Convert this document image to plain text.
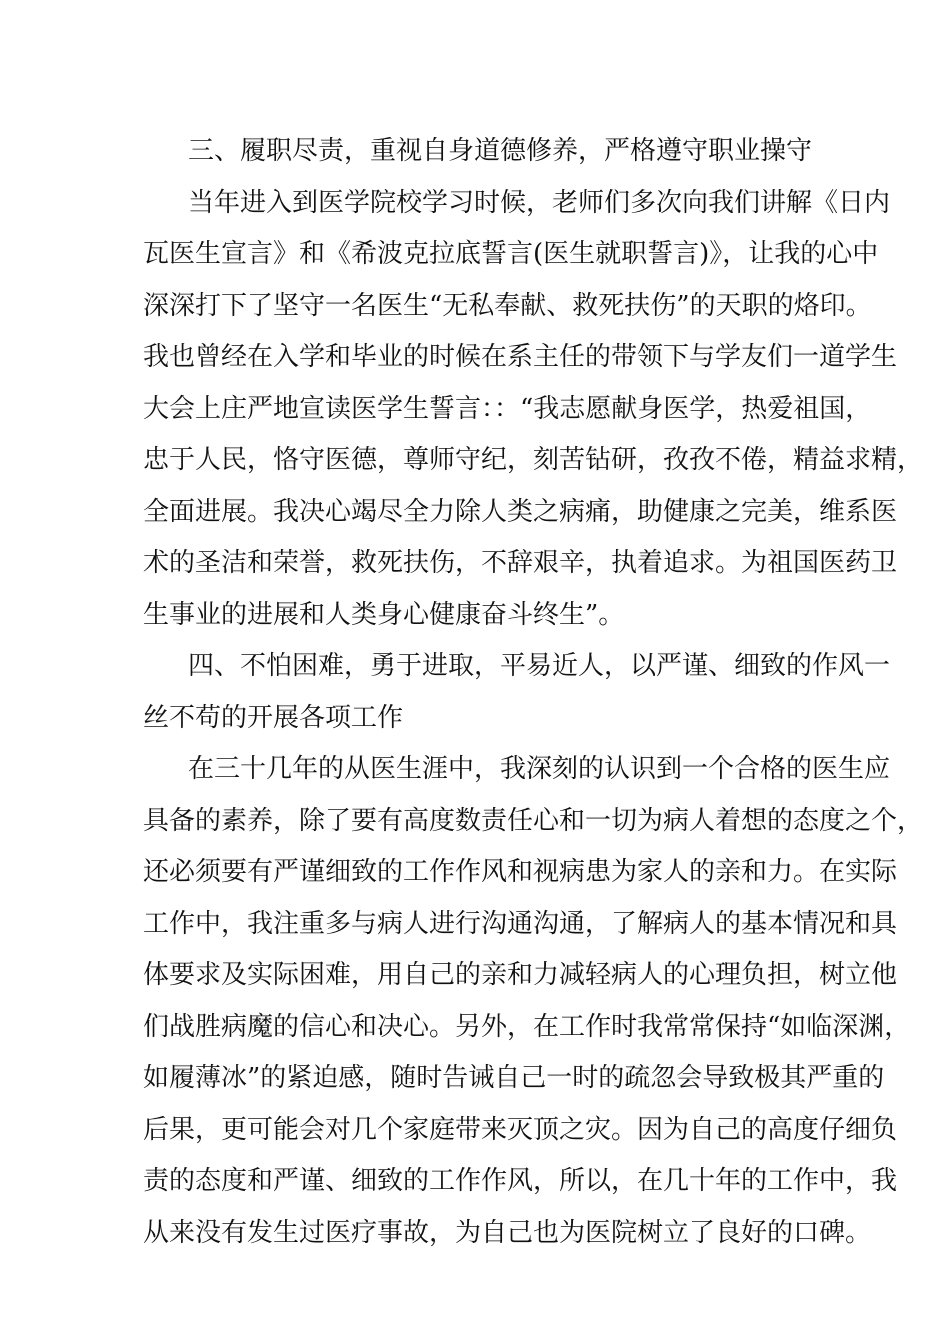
三、履职尽责，重视自身道德修养，严格遵守职业操守
当年进入到医学院校学习时候，老师们多次向我们讲解《日内
瓦医生宣言》和《希波克拉底誓言(医生就职誓言)》，让我的心中
深深打下了坚守一名医生“无私奉献、救死扶伤”的天职的烙印。
我也曾经在入学和毕业的时候在系主任的带领下与学友们一道学生
大会上庄严地宣读医学生誓言：：“我志愿献身医学，热爱祖国，
忠于人民，恪守医德，尊师守纪，刻苦钻研，孜孜不倦，精益求精，
全面进展。我决心竭尽全力除人类之病痛，助健康之完美，维系医
术的圣洁和荣誉，救死扶伤，不辞艰辛，执着追求。为祖国医药卫
生事业的进展和人类身心健康奋斗终生”。
四、不怕困难，勇于进取，平易近人，以严谨、细致的作风一
丝不苟的开展各项工作
在三十几年的从医生涯中，我深刻的认识到一个合格的医生应
具备的素养，除了要有高度数责任心和一切为病人着想的态度之个，
还必须要有严谨细致的工作作风和视病患为家人的亲和力。在实际
工作中，我注重多与病人进行沟通沟通，了解病人的基本情况和具
体要求及实际困难，用自己的亲和力减轻病人的心理负担，树立他
们战胜病魔的信心和决心。另外，在工作时我常常保持“如临深渊，
如履薄冰”的紧迫感，随时告诫自己一时的疏忽会导致极其严重的
后果，更可能会对几个家庭带来灭顶之灾。因为自己的高度仔细负
责的态度和严谨、细致的工作作风，所以，在几十年的工作中，我
从来没有发生过医疗事故，为自己也为医院树立了良好的口碑。
